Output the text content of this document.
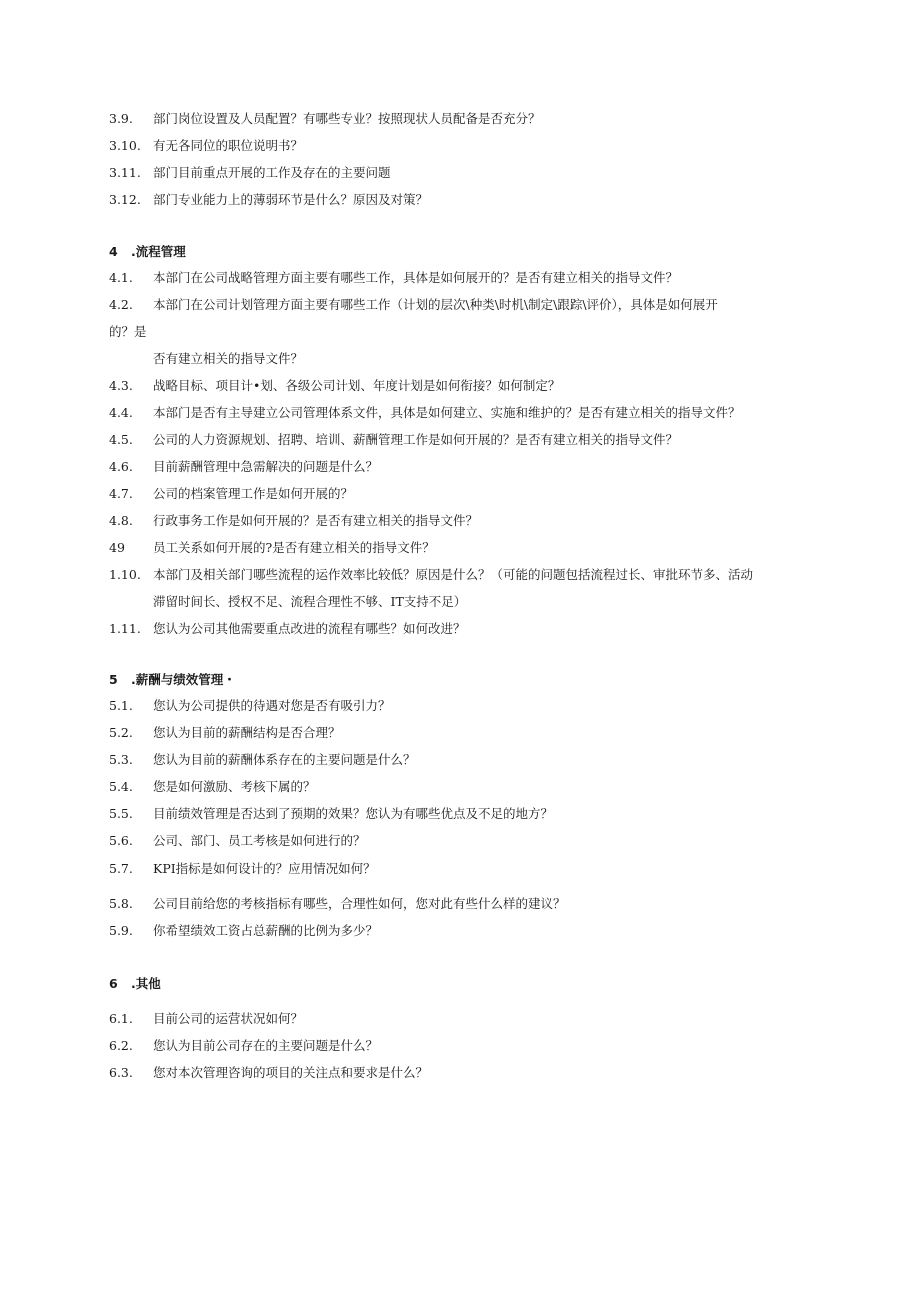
3.9. 部门岗位设置及人员配置？有哪些专业？按照现状人员配备是否充分？
3.10. 有无各同位的职位说明书？
3.11. 部门目前重点开展的工作及存在的主要问题
3.12. 部门专业能力上的薄弱环节是什么？原因及对策？
4 .流程管理
4.1. 本部门在公司战略管理方面主要有哪些工作，具体是如何展开的？是否有建立相关的指导文件？
4.2. 本部门在公司计划管理方面主要有哪些工作（计划的层次\种类\时机\制定\跟踪\评价），具体是如何展开
的？是
否有建立相关的指导文件？
4.3. 战略目标、项目计•划、各级公司计划、年度计划是如何衔接？如何制定？
4.4. 本部门是否有主导建立公司管理体系文件，具体是如何建立、实施和维护的？是否有建立相关的指导文件？
4.5. 公司的人力资源规划、招聘、培训、薪酬管理工作是如何开展的？是否有建立相关的指导文件？
4.6. 目前薪酬管理中急需解决的问题是什么？
4.7. 公司的档案管理工作是如何开展的？
4.8. 行政事务工作是如何开展的？是否有建立相关的指导文件？
49 员工关系如何开展的?是否有建立相关的指导文件？
1.10. 本部门及相关部门哪些流程的运作效率比较低？原因是什么？（可能的问题包括流程过长、审批环节多、活动
滞留时间长、授权不足、流程合理性不够、IT支持不足）
1.11. 您认为公司其他需要重点改进的流程有哪些？如何改进？
5 .薪酬与绩效管理・
5.1. 您认为公司提供的待遇对您是否有吸引力？
5.2. 您认为目前的薪酬结构是否合理？
5.3. 您认为目前的薪酬体系存在的主要问题是什么？
5.4. 您是如何激励、考核下属的？
5.5. 目前绩效管理是否达到了预期的效果？您认为有哪些优点及不足的地方？
5.6. 公司、部门、员工考核是如何进行的？
5.7. KPI指标是如何设计的？应用情况如何？
5.8. 公司目前给您的考核指标有哪些，合理性如何，您对此有些什么样的建议？
5.9. 你希望绩效工资占总薪酬的比例为多少？
6 .其他
6.1. 目前公司的运营状况如何？
6.2. 您认为目前公司存在的主要问题是什么？
6.3. 您对本次管理咨询的项目的关注点和要求是什么？
